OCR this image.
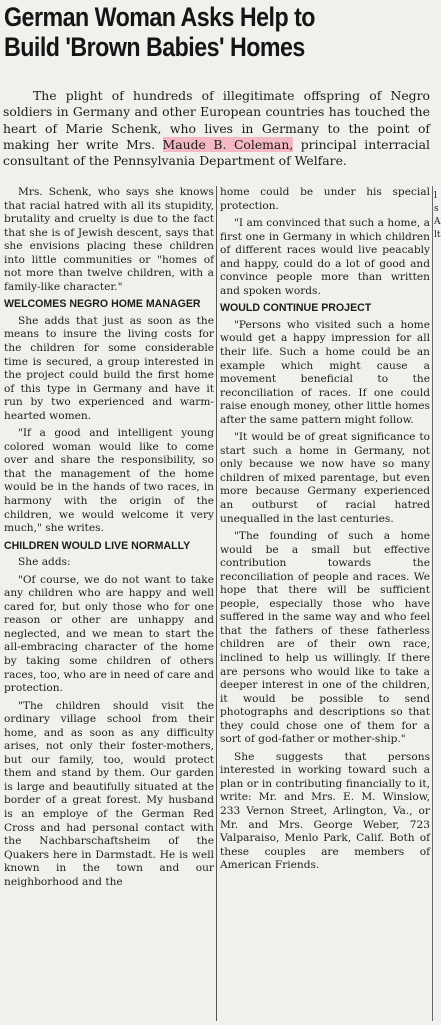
German Woman Asks Help to
Build 'Brown Babies' Homes
The plight of hundreds of illegitimate offspring of Negro soldiers in Germany and other European countries has touched the heart of Marie Schenk, who lives in Germany to the point of making her write Mrs. Maude B. Coleman, principal interracial consultant of the Pennsylvania Department of Welfare.

Mrs. Schenk, who says she knows that racial hatred with all its stupidity, brutality and cruelty is due to the fact that she is of Jewish descent, says that she envisions placing these children into little communities or "homes of not more than twelve children, with a family-like character."

WELCOMES NEGRO HOME MANAGER

She adds that just as soon as the means to insure the living costs for the children for some considerable time is secured, a group interested in the project could build the first home of this type in Germany and have it run by two experienced and warm-hearted women.

"If a good and intelligent young colored woman would like to come over and share the responsibility, so that the management of the home would be in the hands of two races, in harmony with the origin of the children, we would welcome it very much," she writes.

CHILDREN WOULD LIVE NORMALLY

She adds:

"Of course, we do not want to take any children who are happy and well cared for, but only those who for one reason or other are unhappy and neglected, and we mean to start the all-embracing character of the home by taking some children of others races, too, who are in need of care and protection.

"The children should visit the ordinary village school from their home, and as soon as any difficulty arises, not only their foster-mothers, but our family, too, would protect them and stand by them. Our garden is large and beautifully situated at the border of a great forest. My husband is an employe of the German Red Cross and had personal contact with the Nachbarschaftsheim of the Quakers here in Darmstadt. He is well known in the town and our neighborhood and the

home could be under his special protection.

"I am convinced that such a home, a first one in Germany in which children of different races would live peacably and happy, could do a lot of good and convince people more than written and spoken words.

WOULD CONTINUE PROJECT

"Persons who visited such a home would get a happy impression for all their life. Such a home could be an example which might cause a movement beneficial to the reconciliation of races. If one could raise enough money, other little homes after the same pattern might follow.

"It would be of great significance to start such a home in Germany, not only because we now have so many children of mixed parentage, but even more because Germany experienced an outburst of racial hatred unequalled in the last centuries.

"The founding of such a home would be a small but effective contribution towards the reconciliation of people and races. We hope that there will be sufficient people, especially those who have suffered in the same way and who feel that the fathers of these fatherless children are of their own race, inclined to help us willingly. If there are persons who would like to take a deeper interest in one of the children, it would be possible to send photographs and descriptions so that they could chose one of them for a sort of god-father or mother-ship."

She suggests that persons interested in working toward such a plan or in contributing financially to it, write: Mr. and Mrs. E. M. Winslow, 233 Vernon Street, Arlington, Va., or Mr. and Mrs. George Weber, 723 Valparaiso, Menlo Park, Calif. Both of these couples are members of American Friends.

lsAlt
